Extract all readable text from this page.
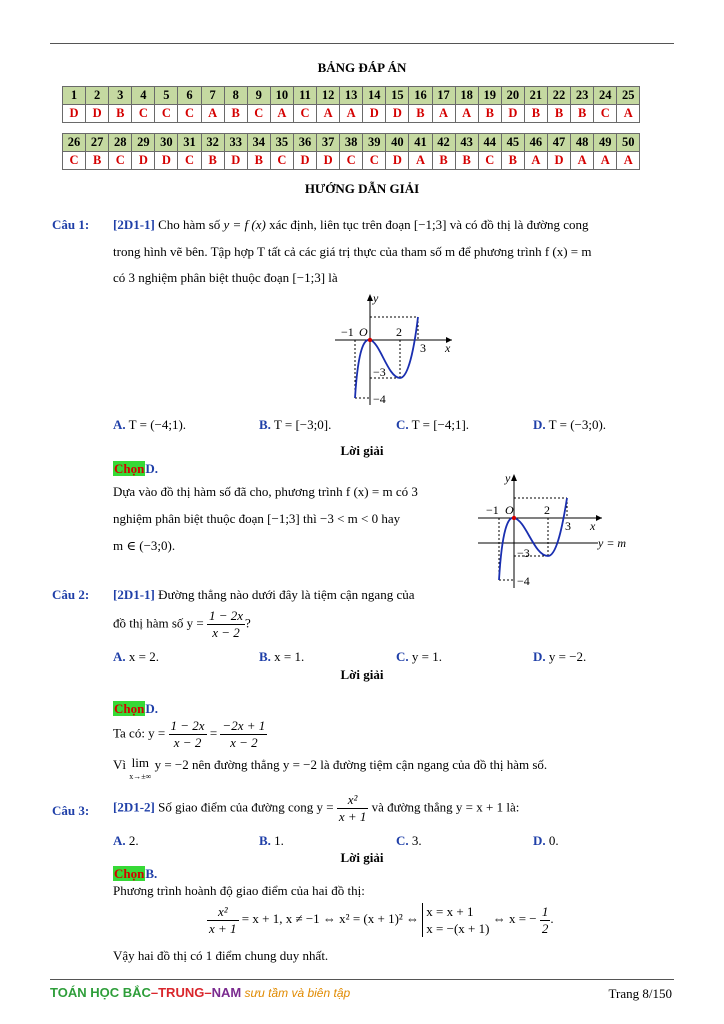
BẢNG ĐÁP ÁN
1	2	3	4	5	6	7	8	9	10	11	12	13	14	15	16	17	18	19	20	21	22	23	24	25
D	D	B	C	C	C	A	B	C	A	C	A	A	D	D	B	A	A	B	D	B	B	B	C	A
26	27	28	29	30	31	32	33	34	35	36	37	38	39	40	41	42	43	44	45	46	47	48	49	50
C	B	C	D	D	C	B	D	B	C	D	D	C	C	D	A	B	B	C	B	A	D	A	A	A
HƯỚNG DẪN GIẢI
Câu 1: [2D1-1] Cho hàm số y = f (x) xác định, liên tục trên đoạn [−1;3] và có đồ thị là đường cong
trong hình vẽ bên. Tập hợp T tất cả các giá trị thực của tham số m để phương trình f (x) = m
có 3 nghiệm phân biệt thuộc đoạn [−1;3] là
y
x
O
−1	2
3
−3
−4
A. T = (−4;1).	B. T = [−3;0].	C. T = [−4;1].	D. T = (−3;0).
Lời giải
ChọnD.
Dựa vào đồ thị hàm số đã cho, phương trình f (x) = m có 3
nghiệm phân biệt thuộc đoạn [−1;3] thì −3 < m < 0 hay
m ∈ (−3;0).
y
x
O
−1	2
3
−3
−4
y = m
Câu 2: [2D1-1] Đường thẳng nào dưới đây là tiệm cận ngang của
đồ thị hàm số $y = \frac{1 - 2x}{x - 2}$ ?
A. x = 2.	B. x = 1.	C. y = 1.	D. y = −2.
Lời giải
ChọnD.
Ta có: $y = \frac{1 - 2x}{x - 2} = \frac{-2x + 1}{x - 2}$
Vì lim
x→±∞ y = −2 nên đường thẳng y = −2 là đường tiệm cận ngang của đồ thị hàm số.
Câu 3: [2D1-2] Số giao điểm của đường cong $y = \frac{\text{x²}}{x + 1}$ và đường thẳng y = x + 1 là:
A. 2.	B. 1.	C. 3.	D. 0.
Lời giải
ChọnB.
Phương trình hoành độ giao điểm của hai đồ thị:
$\frac{\text{x²}}{x + 1} = x + 1$, x ≠ −1 ⇔ x² = (x + 1)² ⇔ x = x + 1
x = −(x + 1)
⇔ x = − $\frac{1}{2}$ .
Vậy hai đồ thị có 1 điểm chung duy nhất.
TOÁN HỌC BẮC–TRUNG–NAM sưu tầm và biên tập	Trang 8/150
